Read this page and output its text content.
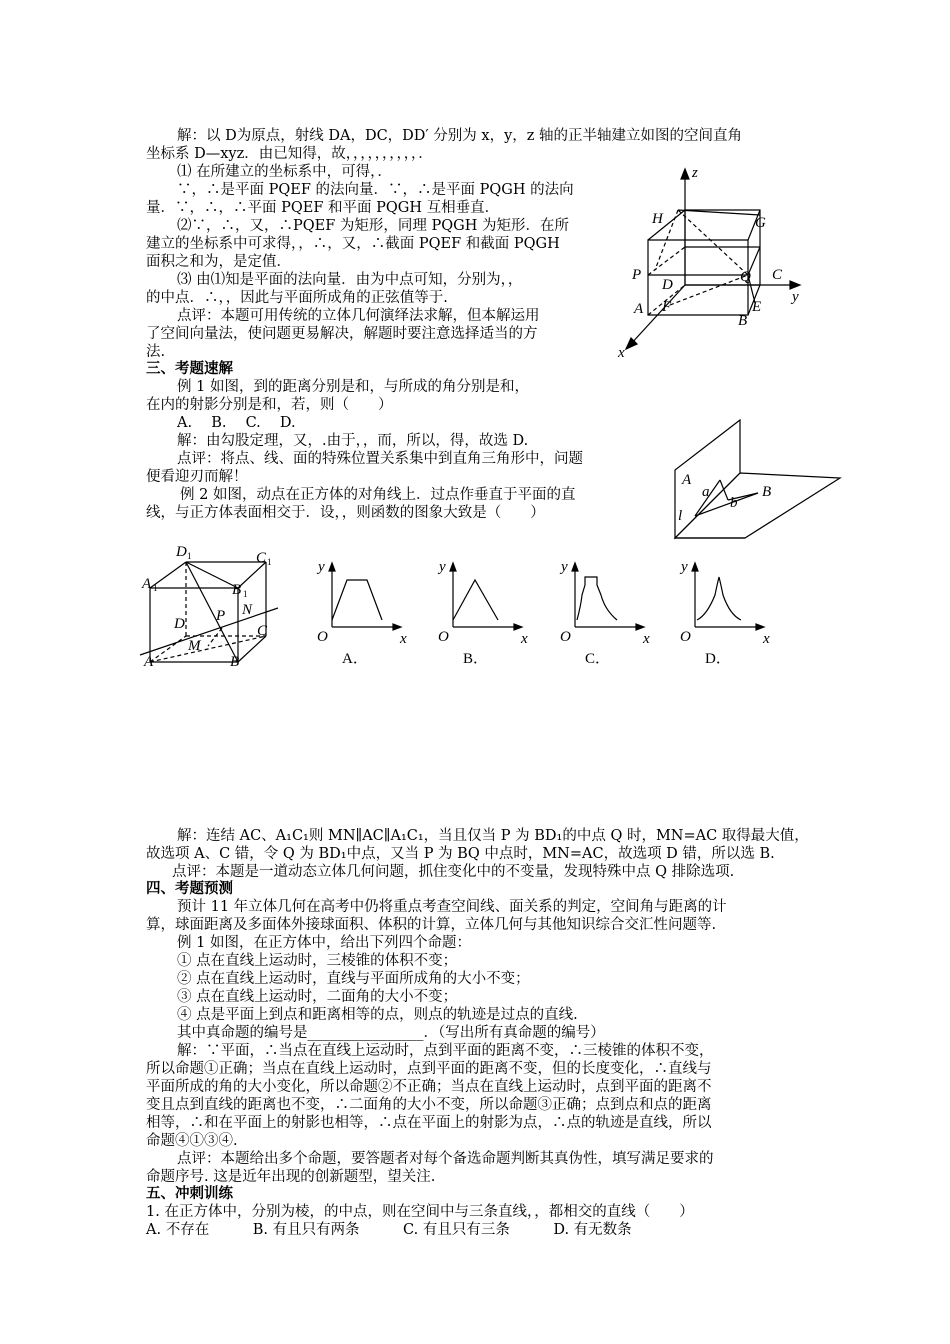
解：以 D为原点，射线 DA，DC，DD′ 分别为 x，y，z 轴的正半轴建立如图的空间直角
坐标系 D—xyz．由已知得，故，，，，，，，，，，．
⑴ 在所建立的坐标系中，可得，．
∵，∴是平面 PQEF 的法向量．∵，∴是平面 PQGH 的法向
量．∵，∴，∴平面 PQEF 和平面 PQGH 互相垂直．
⑵∵，∴，又，∴PQEF 为矩形，同理 PQGH 为矩形．在所
建立的坐标系中可求得，，∴，又，∴截面 PQEF 和截面 PQGH
面积之和为，是定值．
⑶ 由⑴知是平面的法向量．由为中点可知，分别为，，
的中点．∴，，因此与平面所成角的正弦值等于.
点评：本题可用传统的立体几何演绎法求解，但本解运用
了空间向量法，使问题更易解决，解题时要注意选择适当的方
法.
三、考题速解
例 1 如图，到的距离分别是和，与所成的角分别是和，
在内的射影分别是和，若，则（　　）
A.　 B.　 C.　 D.
解：由勾股定理，又，.由于，，而，所以，得，故选 D.
点评：将点、线、面的特殊位置关系集中到直角三角形中，问题
便看迎刃而解！
例 2 如图，动点在正方体的对角线上．过点作垂直于平面的直
线，与正方体表面相交于．设，，则函数的图象大致是（　　）
z
H	G
P	Q C
D
y
A F	E
B
x
A
a	B
b
l
D 1	C 1
A 1	B 1
P N
D	C
M
A	B
y
x
O
A．
y
x
O
B．
y
x
O
C．
y
x
O
D．
解：连结 AC、A₁C₁则 MN∥AC∥A₁C₁，当且仅当 P 为 BD₁的中点 Q 时，MN=AC 取得最大值，
故选项 A、C 错，令 Q 为 BD₁中点，又当 P 为 BQ 中点时，MN=AC，故选项 D 错，所以选 B.
点评：本题是一道动态立体几何问题，抓住变化中的不变量，发现特殊中点 Q 排除选项.
四、考题预测
预计 11 年立体几何在高考中仍将重点考查空间线、面关系的判定，空间角与距离的计
算，球面距离及多面体外接球面积、体积的计算，立体几何与其他知识综合交汇性问题等.
例 1 如图，在正方体中，给出下列四个命题：
① 点在直线上运动时，三棱锥的体积不变；
② 点在直线上运动时，直线与平面所成角的大小不变；
③ 点在直线上运动时，二面角的大小不变；
④ 点是平面上到点和距离相等的点，则点的轨迹是过点的直线.
其中真命题的编号是________________．（写出所有真命题的编号）
解：∵平面，∴当点在直线上运动时，点到平面的距离不变，∴三棱锥的体积不变，
所以命题①正确；当点在直线上运动时，点到平面的距离不变，但的长度变化，∴直线与
平面所成的角的大小变化，所以命题②不正确；当点在直线上运动时，点到平面的距离不
变且点到直线的距离也不变，∴二面角的大小不变，所以命题③正确；点到点和点的距离
相等，∴和在平面上的射影也相等，∴点在平面上的射影为点，∴点的轨迹是直线，所以
命题④①③④.
点评：本题给出多个命题，要答题者对每个备选命题判断其真伪性，填写满足要求的
命题序号. 这是近年出现的创新题型，望关注.
五、冲刺训练
1. 在正方体中，分别为棱，的中点，则在空间中与三条直线，，都相交的直线（　　）
A. 不存在　　　B. 有且只有两条　　　C. 有且只有三条　　　D. 有无数条
